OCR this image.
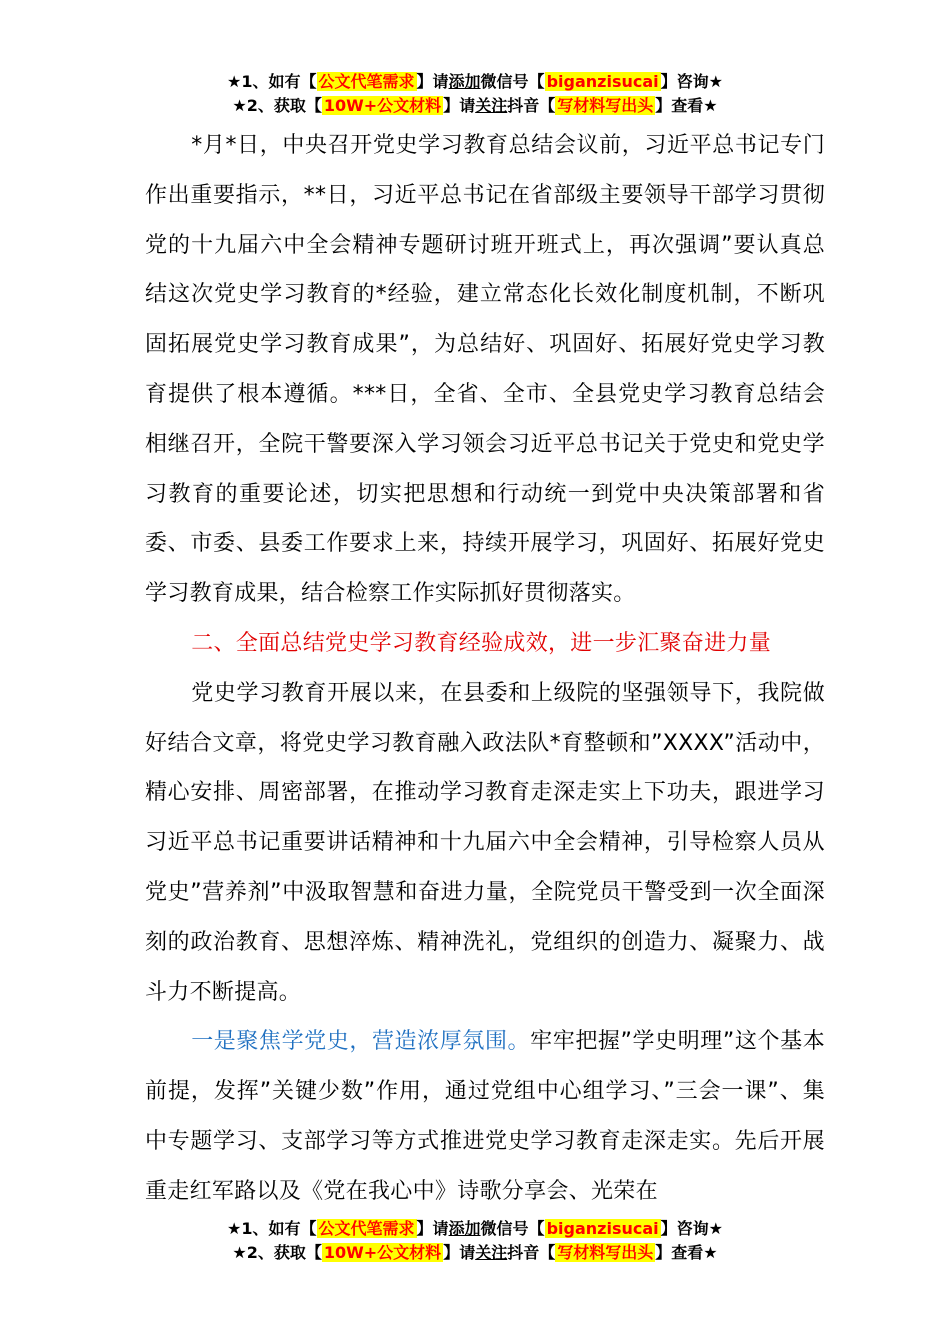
★1、如有【 公文代笔需求 】请添加微信号【 biganzisucai 】咨询★
★2、获取【 10W+公文材料 】请关注抖音【 写材料写出头 】查看★

*月*日，中央召开党史学习教育总结会议前，习近平总书记专门作出重要指示，**日，习近平总书记在省部级主要领导干部学习贯彻党的十九届六中全会精神专题研讨班开班式上，再次强调”要认真总结这次党史学习教育的*经验，建立常态化长效化制度机制，不断巩固拓展党史学习教育成果”，为总结好、巩固好、拓展好党史学习教育提供了根本遵循。***日，全省、全市、全县党史学习教育总结会相继召开，全院干警要深入学习领会习近平总书记关于党史和党史学习教育的重要论述，切实把思想和行动统一到党中央决策部署和省委、市委、县委工作要求上来，持续开展学习，巩固好、拓展好党史学习教育成果，结合检察工作实际抓好贯彻落实。

二、全面总结党史学习教育经验成效，进一步汇聚奋进力量

党史学习教育开展以来，在县委和上级院的坚强领导下，我院做好结合文章，将党史学习教育融入政法队*育整顿和”XXXX”活动中，精心安排、周密部署，在推动学习教育走深走实上下功夫，跟进学习习近平总书记重要讲话精神和十九届六中全会精神，引导检察人员从党史”营养剂”中汲取智慧和奋进力量，全院党员干警受到一次全面深刻的政治教育、思想淬炼、精神洗礼，党组织的创造力、凝聚力、战斗力不断提高。

一是聚焦学党史，营造浓厚氛围。牢牢把握”学史明理”这个基本前提，发挥”关键少数”作用，通过党组中心组学习、”三会一课”、集中专题学习、支部学习等方式推进党史学习教育走深走实。先后开展重走红军路以及《党在我心中》诗歌分享会、光荣在

★1、如有【 公文代笔需求 】请添加微信号【 biganzisucai 】咨询★
★2、获取【 10W+公文材料 】请关注抖音【 写材料写出头 】查看★
